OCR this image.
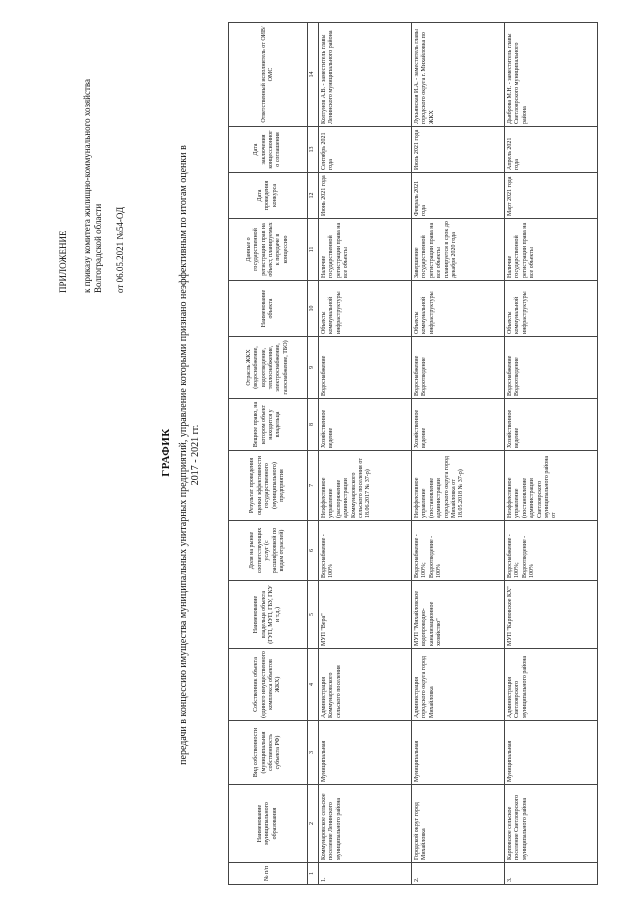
ПРИЛОЖЕНИЕ к приказу комитета жилищно-коммунального хозяйства Волгоградской области от 06.05.2021 №54-ОД
ГРАФИК передачи в концессию имущества муниципальных унитарных предприятий, управление которыми признано неэффективным по итогам оценки в 2017 - 2021 гг.
№ п/п	Наименование муниципального образования	Вид собственности (муниципальная собственность субъекта РФ)	Собственник объекта (единого имущественного комплекса объектов ЖКХ)	Наименование владельца объекта (ГУП, МУП, ГБУ, ГКУ и т.д.)	Доля на рынке соответствующих услуг (с расшифровкой по видам отраслей)	Результат проведения оценки эффективности государственного (муниципального) предприятия	Вещное право, на котором объект находится у владельца	Отрасль ЖКХ (водоснабжение, водоотведение, теплоснабжение, электроснабжение, газоснабжение, ТБО)	Наименование объекта	Данные о государственной регистрации прав на объект, планируемых к передаче в концессию	Дата проведения конкурса	Дата заключения концессионного соглашения	Ответственный исполнитель от ОИВ/ОМС
1	2	3	4	5	6	7	8	9	10	11	12	13	14
1.	Коммунаровское сельское поселение Ленинского муниципального района	Муниципальная	Администрация Коммунаровского сельского поселения	МУП "Вера"	Водоснабжение - 100%	Неэффективное управление (распоряжение администрации Коммунаровского сельского поселения от 18.06.2017 № 37-р)	Хозяйственное ведение	Водоснабжение	Объекты коммунальной инфраструктуры	Наличие государственной регистрации права на все объекты	Июнь 2021 года	Сентябрь 2021 года	Колтунов А.В. - заместитель главы Ленинского муниципального района
2.	Городской округ город Михайловка	Муниципальная	Администрация городского округа город Михайловка	МУП "Михайловское водопроводно-канализационное хозяйство"	Водоснабжение - 100%; Водоотведение - 100%	Неэффективное управление (постановление администрации городского округа город Михайловка от 18.05.2018 № 37-р)	Хозяйственное ведение	Водоснабжение Водоотведение	Объекты коммунальной инфраструктуры	Завершение государственной регистрации права на все объекты планируется в срок до декабря 2020 года	Февраль 2021 года	Июль 2021 года	Лукьянская И.А. - заместитель главы городского округа г. Михайловка по ЖКХ
3.	Карповское сельское поселение Светлоярского муниципального района	Муниципальная	Администрация Светлоярского муниципального района	МУП "Карповское КХ"	Водоснабжение - 100%; Водоотведение - 100%	Неэффективное управление (постановление администрации Светлоярского муниципального района от	Хозяйственное ведение	Водоснабжение Водоотведение	Объекты коммунальной инфраструктуры	Наличие государственной регистрации права на все объекты	Март 2021 года	Апрель 2021 года	Дьяброва М.Н. - заместитель главы Светлоярского муниципального района
